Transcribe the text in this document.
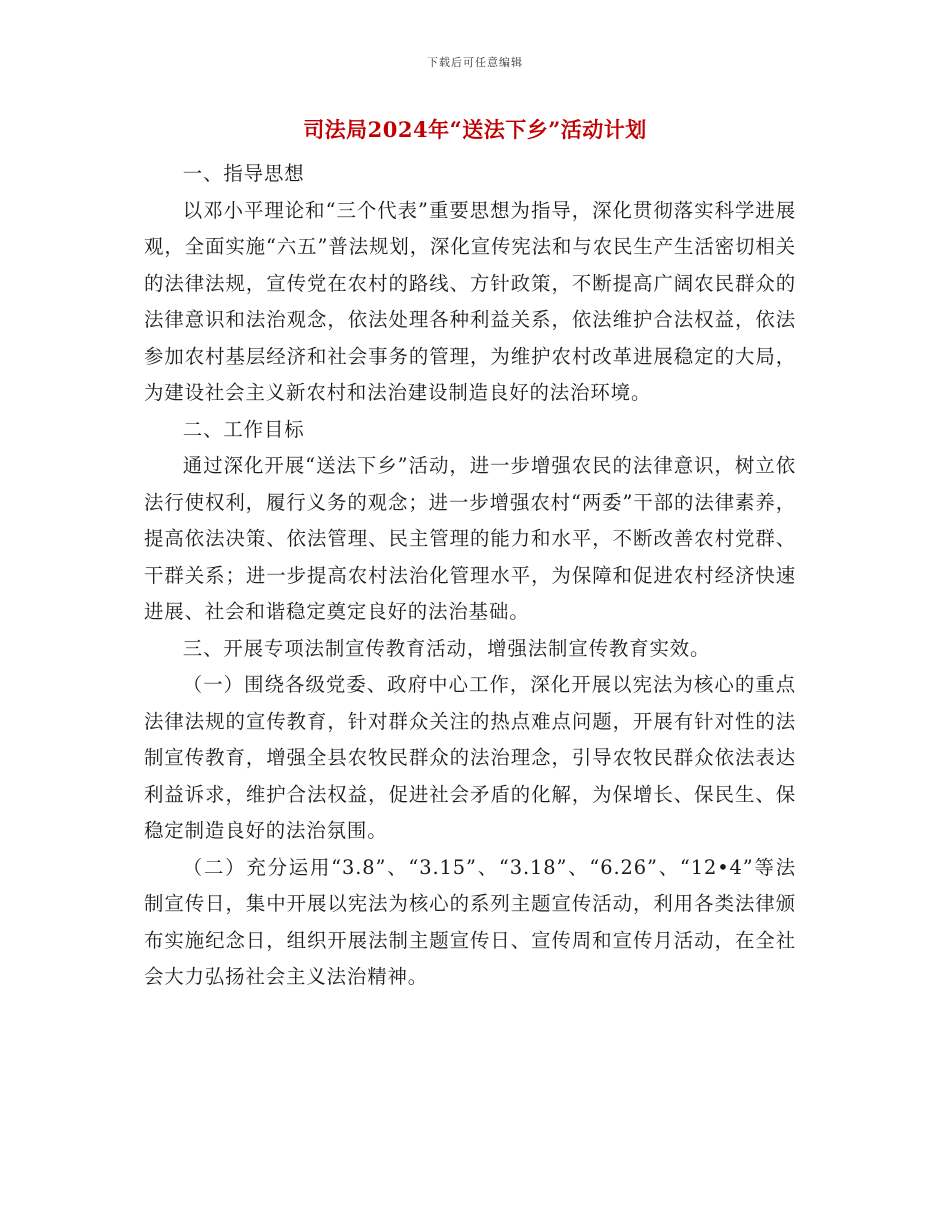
下载后可任意编辑
司法局2024年“送法下乡”活动计划

一、指导思想

以邓小平理论和“三个代表”重要思想为指导，深化贯彻落实科学进展观，全面实施“六五”普法规划，深化宣传宪法和与农民生产生活密切相关的法律法规，宣传党在农村的路线、方针政策，不断提高广阔农民群众的法律意识和法治观念，依法处理各种利益关系，依法维护合法权益，依法参加农村基层经济和社会事务的管理，为维护农村改革进展稳定的大局，为建设社会主义新农村和法治建设制造良好的法治环境。

二、工作目标

通过深化开展“送法下乡”活动，进一步增强农民的法律意识，树立依法行使权利，履行义务的观念；进一步增强农村“两委”干部的法律素养，提高依法决策、依法管理、民主管理的能力和水平，不断改善农村党群、干群关系；进一步提高农村法治化管理水平，为保障和促进农村经济快速进展、社会和谐稳定奠定良好的法治基础。

三、开展专项法制宣传教育活动，增强法制宣传教育实效。

（一）围绕各级党委、政府中心工作，深化开展以宪法为核心的重点法律法规的宣传教育，针对群众关注的热点难点问题，开展有针对性的法制宣传教育，增强全县农牧民群众的法治理念，引导农牧民群众依法表达利益诉求，维护合法权益，促进社会矛盾的化解，为保增长、保民生、保稳定制造良好的法治氛围。

（二）充分运用“3.8”、“3.15”、“3.18”、“6.26”、“12•4”等法制宣传日，集中开展以宪法为核心的系列主题宣传活动，利用各类法律颁布实施纪念日，组织开展法制主题宣传日、宣传周和宣传月活动，在全社会大力弘扬社会主义法治精神。
